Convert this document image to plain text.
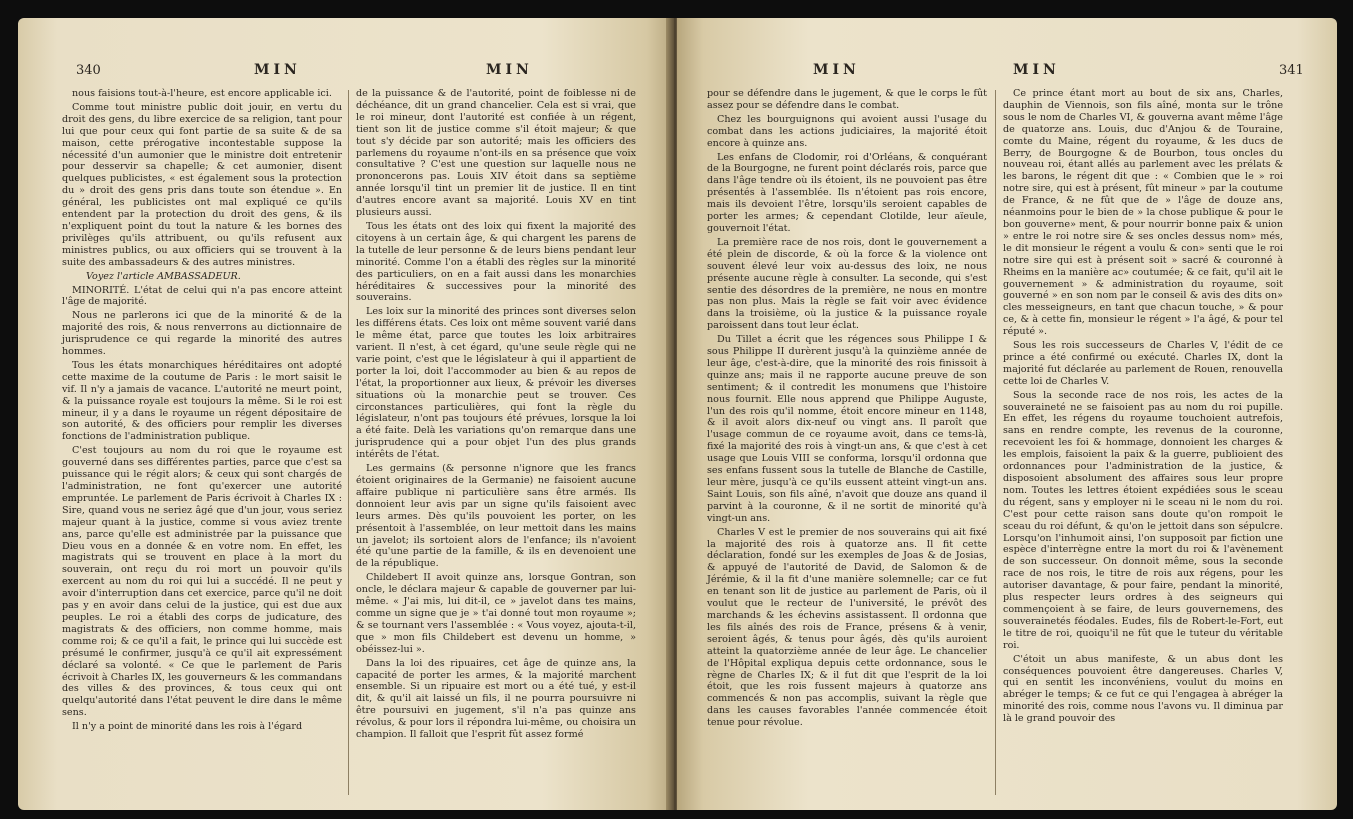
340	MIN	MIN

nous faisions tout-à-l'heure, est encore applicable ici.

Comme tout ministre public doit jouir, en vertu du droit des gens, du libre exercice de sa religion, tant pour lui que pour ceux qui font partie de sa suite & de sa maison, cette prérogative incontestable suppose la nécessité d'un aumonier que le ministre doit entretenir pour desservir sa chapelle; & cet aumonier, disent quelques publicistes, « est également sous la protection du » droit des gens pris dans toute son étendue ». En général, les publicistes ont mal expliqué ce qu'ils entendent par la protection du droit des gens, & ils n'expliquent point du tout la nature & les bornes des privilèges qu'ils attribuent, ou qu'ils refusent aux ministres publics, ou aux officiers qui se trouvent à la suite des ambassadeurs & des autres ministres.

Voyez l'article AMBASSADEUR.

MINORITÉ. L'état de celui qui n'a pas encore atteint l'âge de majorité.

Nous ne parlerons ici que de la minorité & de la majorité des rois, & nous renverrons au dictionnaire de jurisprudence ce qui regarde la minorité des autres hommes.

Tous les états monarchiques héréditaires ont adopté cette maxime de la coutume de Paris : le mort saisit le vif. Il n'y a jamais de vacance. L'autorité ne meurt point, & la puissance royale est toujours la même. Si le roi est mineur, il y a dans le royaume un régent dépositaire de son autorité, & des officiers pour remplir les diverses fonctions de l'administration publique.

C'est toujours au nom du roi que le royaume est gouverné dans ses différentes parties, parce que c'est sa puissance qui le régit alors; & ceux qui sont chargés de l'administration, ne font qu'exercer une autorité empruntée. Le parlement de Paris écrivoit à Charles IX : Sire, quand vous ne seriez âgé que d'un jour, vous seriez majeur quant à la justice, comme si vous aviez trente ans, parce qu'elle est administrée par la puissance que Dieu vous en a donnée & en votre nom. En effet, les magistrats qui se trouvent en place à la mort du souverain, ont reçu du roi mort un pouvoir qu'ils exercent au nom du roi qui lui a succédé. Il ne peut y avoir d'interruption dans cet exercice, parce qu'il ne doit pas y en avoir dans celui de la justice, qui est due aux peuples. Le roi a établi des corps de judicature, des magistrats & des officiers, non comme homme, mais comme roi; & ce qu'il a fait, le prince qui lui succède est présumé le confirmer, jusqu'à ce qu'il ait expressément déclaré sa volonté. « Ce que le parlement de Paris écrivoit à Charles IX, les gouverneurs & les commandans des villes & des provinces, & tous ceux qui ont quelqu'autorité dans l'état peuvent le dire dans le même sens.

Il n'y a point de minorité dans les rois à l'égard

de la puissance & de l'autorité, point de foiblesse ni de déchéance, dit un grand chancelier. Cela est si vrai, que le roi mineur, dont l'autorité est confiée à un régent, tient son lit de justice comme s'il étoit majeur; & que tout s'y décide par son autorité; mais les officiers des parlemens du royaume n'ont-ils en sa présence que voix consultative ? C'est une question sur laquelle nous ne prononcerons pas. Louis XIV étoit dans sa septième année lorsqu'il tint un premier lit de justice. Il en tint d'autres encore avant sa majorité. Louis XV en tint plusieurs aussi.

Tous les états ont des loix qui fixent la majorité des citoyens à un certain âge, & qui chargent les parens de la tutelle de leur personne & de leurs biens pendant leur minorité. Comme l'on a établi des règles sur la minorité des particuliers, on en a fait aussi dans les monarchies héréditaires & successives pour la minorité des souverains.

Les loix sur la minorité des princes sont diverses selon les différens états. Ces loix ont même souvent varié dans le même état, parce que toutes les loix arbitraires varient. Il n'est, à cet égard, qu'une seule règle qui ne varie point, c'est que le législateur à qui il appartient de porter la loi, doit l'accommoder au bien & au repos de l'état, la proportionner aux lieux, & prévoir les diverses situations où la monarchie peut se trouver. Ces circonstances particulières, qui font la règle du législateur, n'ont pas toujours été prévues, lorsque la loi a été faite. Delà les variations qu'on remarque dans une jurisprudence qui a pour objet l'un des plus grands intérêts de l'état.

Les germains (& personne n'ignore que les francs étoient originaires de la Germanie) ne faisoient aucune affaire publique ni particulière sans être armés. Ils donnoient leur avis par un signe qu'ils faisoient avec leurs armes. Dès qu'ils pouvoient les porter, on les présentoit à l'assemblée, on leur mettoit dans les mains un javelot; ils sortoient alors de l'enfance; ils n'avoient été qu'une partie de la famille, & ils en devenoient une de la république.

Childebert II avoit quinze ans, lorsque Gontran, son oncle, le déclara majeur & capable de gouverner par lui-même. « J'ai mis, lui dit-il, ce » javelot dans tes mains, comme un signe que je » t'ai donné tout mon royaume »; & se tournant vers l'assemblée : « Vous voyez, ajouta-t-il, que » mon fils Childebert est devenu un homme, » obéissez-lui ».

Dans la loi des ripuaires, cet âge de quinze ans, la capacité de porter les armes, & la majorité marchent ensemble. Si un ripuaire est mort ou a été tué, y est-il dit, & qu'il ait laissé un fils, il ne pourra poursuivre ni être poursuivi en jugement, s'il n'a pas quinze ans révolus, & pour lors il répondra lui-même, ou choisira un champion. Il falloit que l'esprit fût assez formé

MIN	MIN	341

pour se défendre dans le jugement, & que le corps le fût assez pour se défendre dans le combat.

Chez les bourguignons qui avoient aussi l'usage du combat dans les actions judiciaires, la majorité étoit encore à quinze ans.

Les enfans de Clodomir, roi d'Orléans, & conquérant de la Bourgogne, ne furent point déclarés rois, parce que dans l'âge tendre où ils étoient, ils ne pouvoient pas être présentés à l'assemblée. Ils n'étoient pas rois encore, mais ils devoient l'être, lorsqu'ils seroient capables de porter les armes; & cependant Clotilde, leur aïeule, gouvernoit l'état.

La première race de nos rois, dont le gouvernement a été plein de discorde, & où la force & la violence ont souvent élevé leur voix au-dessus des loix, ne nous présente aucune règle à consulter. La seconde, qui s'est sentie des désordres de la première, ne nous en montre pas non plus. Mais la règle se fait voir avec évidence dans la troisième, où la justice & la puissance royale paroissent dans tout leur éclat.

Du Tillet a écrit que les régences sous Philippe I & sous Philippe II durèrent jusqu'à la quinzième année de leur âge, c'est-à-dire, que la minorité des rois finissoit à quinze ans; mais il ne rapporte aucune preuve de son sentiment; & il contredit les monumens que l'histoire nous fournit. Elle nous apprend que Philippe Auguste, l'un des rois qu'il nomme, étoit encore mineur en 1148, & il avoit alors dix-neuf ou vingt ans. Il paroît que l'usage commun de ce royaume avoit, dans ce tems-là, fixé la majorité des rois à vingt-un ans, & que c'est à cet usage que Louis VIII se conforma, lorsqu'il ordonna que ses enfans fussent sous la tutelle de Blanche de Castille, leur mère, jusqu'à ce qu'ils eussent atteint vingt-un ans. Saint Louis, son fils aîné, n'avoit que douze ans quand il parvint à la couronne, & il ne sortit de minorité qu'à vingt-un ans.

Charles V est le premier de nos souverains qui ait fixé la majorité des rois à quatorze ans. Il fit cette déclaration, fondé sur les exemples de Joas & de Josias, & appuyé de l'autorité de David, de Salomon & de Jérémie, & il la fit d'une manière solemnelle; car ce fut en tenant son lit de justice au parlement de Paris, où il voulut que le recteur de l'université, le prévôt des marchands & les échevins assistassent. Il ordonna que les fils aînés des rois de France, présens & à venir, seroient âgés, & tenus pour âgés, dès qu'ils auroient atteint la quatorzième année de leur âge. Le chancelier de l'Hôpital expliqua depuis cette ordonnance, sous le règne de Charles IX; & il fut dit que l'esprit de la loi étoit, que les rois fussent majeurs à quatorze ans commencés & non pas accomplis, suivant la règle que dans les causes favorables l'année commencée étoit tenue pour révolue.

Ce prince étant mort au bout de six ans, Charles, dauphin de Viennois, son fils aîné, monta sur le trône sous le nom de Charles VI, & gouverna avant même l'âge de quatorze ans. Louis, duc d'Anjou & de Touraine, comte du Maine, régent du royaume, & les ducs de Berry, de Bourgogne & de Bourbon, tous oncles du nouveau roi, étant allés au parlement avec les prélats & les barons, le régent dit que : « Combien que le » roi notre sire, qui est à présent, fût mineur » par la coutume de France, & ne fût que de » l'âge de douze ans, néanmoins pour le bien de » la chose publique & pour le bon gouverne» ment, & pour nourrir bonne paix & union » entre le roi notre sire & ses oncles dessus nom» més, le dit monsieur le régent a voulu & con» senti que le roi notre sire qui est à présent soit » sacré & couronné à Rheims en la manière ac» coutumée; & ce fait, qu'il ait le gouvernement » & administration du royaume, soit gouverné » en son nom par le conseil & avis des dits on» cles messeigneurs, en tant que chacun touche, » & pour ce, & à cette fin, monsieur le régent » l'a âgé, & pour tel réputé ».

Sous les rois successeurs de Charles V, l'édit de ce prince a été confirmé ou exécuté. Charles IX, dont la majorité fut déclarée au parlement de Rouen, renouvella cette loi de Charles V.

Sous la seconde race de nos rois, les actes de la souveraineté ne se faisoient pas au nom du roi pupille. En effet, les régens du royaume touchoient autrefois, sans en rendre compte, les revenus de la couronne, recevoient les foi & hommage, donnoient les charges & les emplois, faisoient la paix & la guerre, publioient des ordonnances pour l'administration de la justice, & disposoient absolument des affaires sous leur propre nom. Toutes les lettres étoient expédiées sous le sceau du régent, sans y employer ni le sceau ni le nom du roi. C'est pour cette raison sans doute qu'on rompoit le sceau du roi défunt, & qu'on le jettoit dans son sépulcre. Lorsqu'on l'inhumoit ainsi, l'on supposoit par fiction une espèce d'interrègne entre la mort du roi & l'avènement de son successeur. On donnoit même, sous la seconde race de nos rois, le titre de rois aux régens, pour les autoriser davantage, & pour faire, pendant la minorité, plus respecter leurs ordres à des seigneurs qui commençoient à se faire, de leurs gouvernemens, des souverainetés féodales. Eudes, fils de Robert-le-Fort, eut le titre de roi, quoiqu'il ne fût que le tuteur du véritable roi.

C'étoit un abus manifeste, & un abus dont les conséquences pouvoient être dangereuses. Charles V, qui en sentit les inconvéniens, voulut du moins en abréger le temps; & ce fut ce qui l'engagea à abréger la minorité des rois, comme nous l'avons vu. Il diminua par là le grand pouvoir des
